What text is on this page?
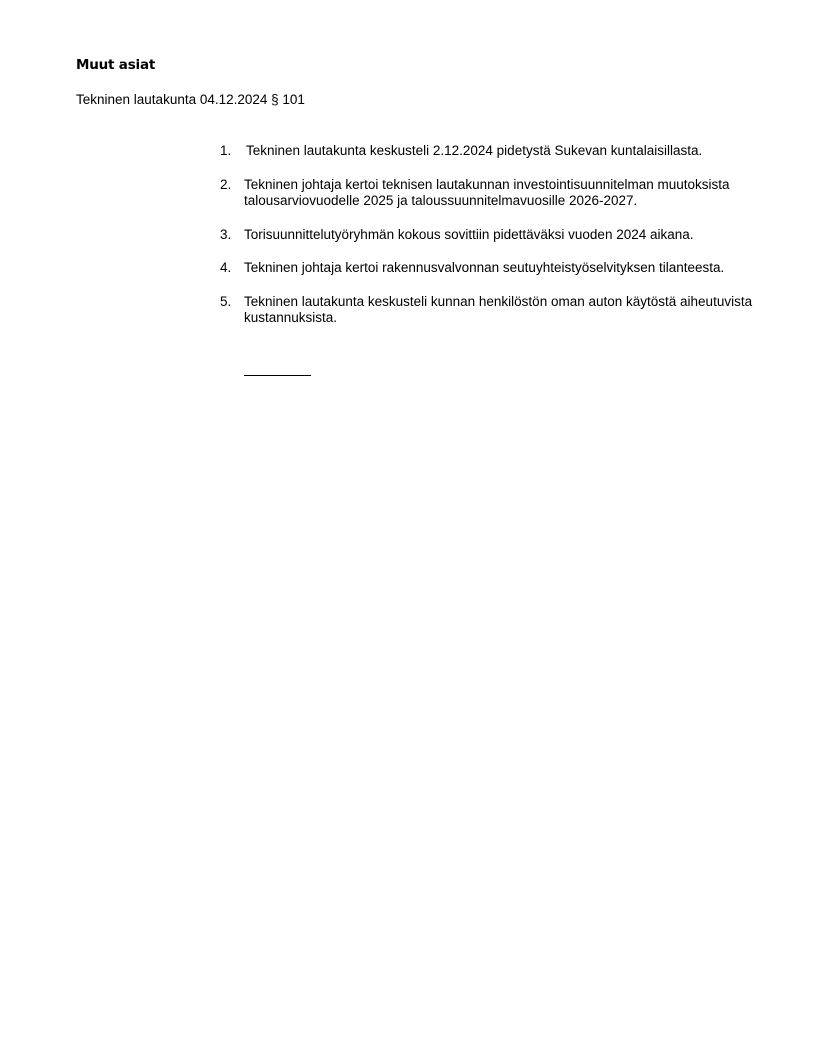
Muut asiat
Tekninen lautakunta 04.12.2024 § 101
1.	Tekninen lautakunta keskusteli 2.12.2024 pidetystä Sukevan kuntalaisillasta.
2. Tekninen johtaja kertoi teknisen lautakunnan investointisuunnitelman muutoksista talousarviovuodelle 2025 ja taloussuunnitelmavuosille 2026-2027.
3. Torisuunnittelutyöryhmän kokous sovittiin pidettäväksi vuoden 2024 aikana.
4. Tekninen johtaja kertoi rakennusvalvonnan seutuyhteistyöselvityksen tilanteesta.
5. Tekninen lautakunta keskusteli kunnan henkilöstön oman auton käytöstä aiheutuvista kustannuksista.
